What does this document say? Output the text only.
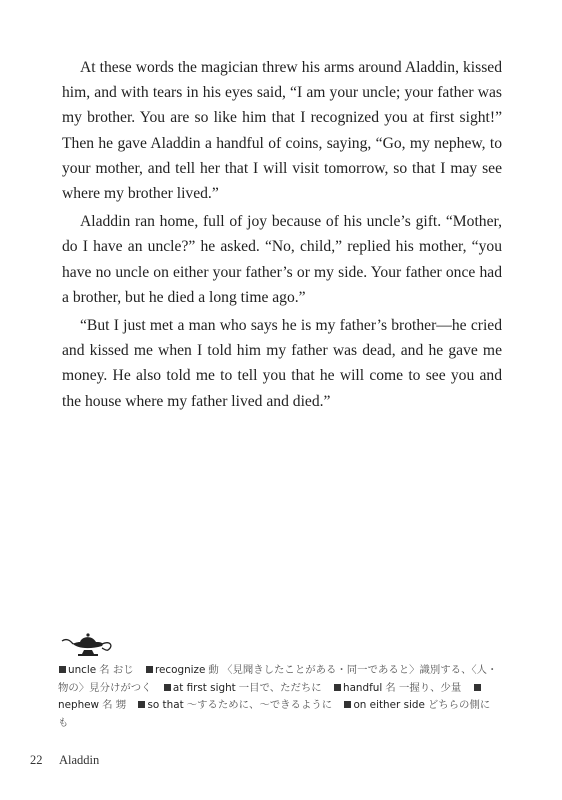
At these words the magician threw his arms around Aladdin, kissed him, and with tears in his eyes said, “I am your uncle; your father was my brother. You are so like him that I recognized you at first sight!” Then he gave Aladdin a handful of coins, saying, “Go, my nephew, to your mother, and tell her that I will visit tomorrow, so that I may see where my brother lived.”

Aladdin ran home, full of joy because of his uncle’s gift. “Mother, do I have an uncle?” he asked. “No, child,” replied his mother, “you have no uncle on either your father’s or my side. Your father once had a brother, but he died a long time ago.”

“But I just met a man who says he is my father’s brother—he cried and kissed me when I told him my father was dead, and he gave me money. He also told me to tell you that he will come to see you and the house where my father lived and died.”

uncle 名 おじ recognize 動 〈見聞きしたことがある・同一であると〉識別する、〈人・物の〉見分けがつく at first sight 一目で、ただちに handful 名 一握り、少量 nephew 名 甥 so that 〜するために、〜できるように on either side どちらの側にも
22 Aladdin
